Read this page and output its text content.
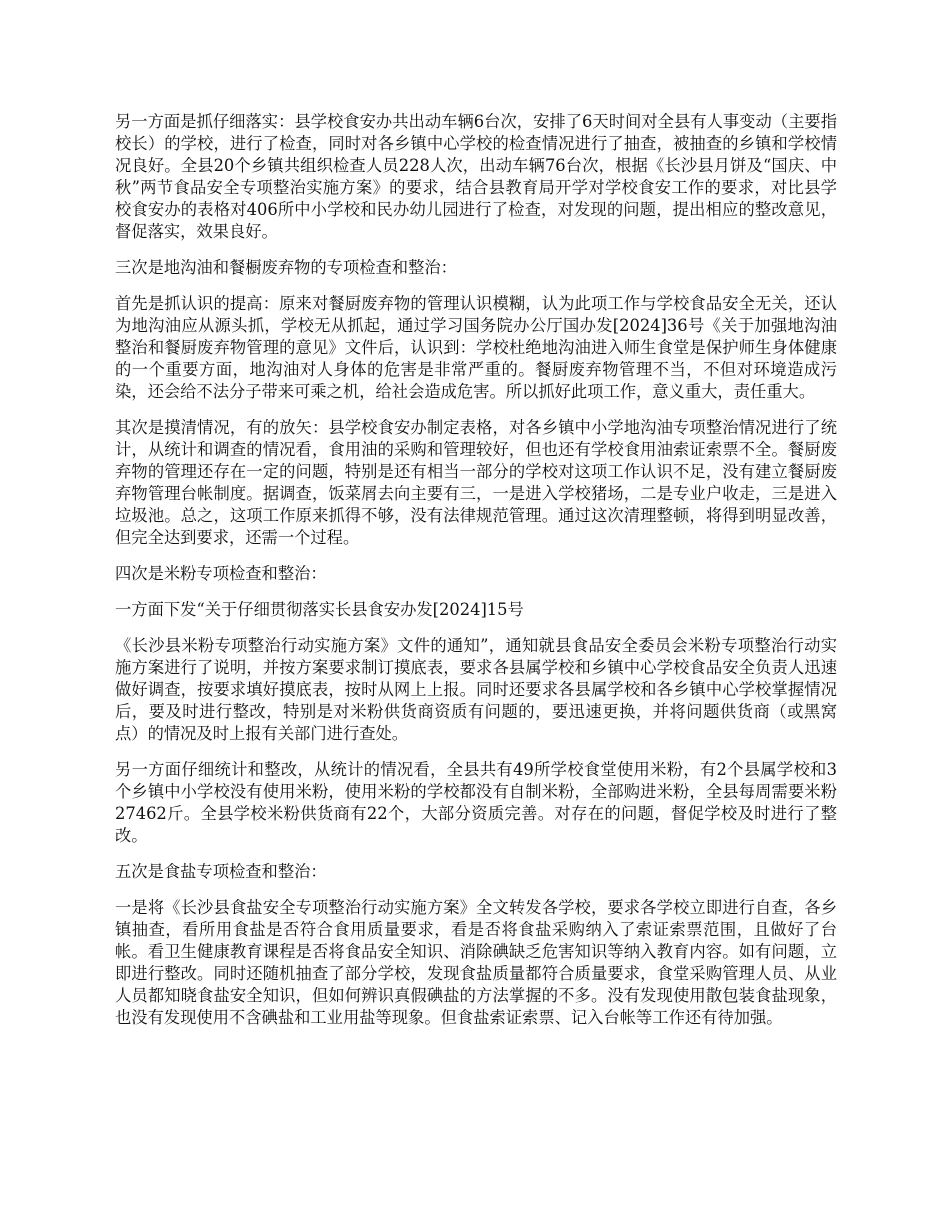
另一方面是抓仔细落实：县学校食安办共出动车辆6台次，安排了6天时间对全县有人事变动（主要指校长）的学校，进行了检查，同时对各乡镇中心学校的检查情况进行了抽查，被抽查的乡镇和学校情况良好。全县20个乡镇共组织检查人员228人次，出动车辆76台次，根据《长沙县月饼及“国庆、中秋”两节食品安全专项整治实施方案》的要求，结合县教育局开学对学校食安工作的要求，对比县学校食安办的表格对406所中小学校和民办幼儿园进行了检查，对发现的问题，提出相应的整改意见，督促落实，效果良好。

三次是地沟油和餐橱废弃物的专项检查和整治：

首先是抓认识的提高：原来对餐厨废弃物的管理认识模糊，认为此项工作与学校食品安全无关，还认为地沟油应从源头抓，学校无从抓起，通过学习国务院办公厅国办发[2024]36号《关于加强地沟油整治和餐厨废弃物管理的意见》文件后，认识到：学校杜绝地沟油进入师生食堂是保护师生身体健康的一个重要方面，地沟油对人身体的危害是非常严重的。餐厨废弃物管理不当，不但对环境造成污染，还会给不法分子带来可乘之机，给社会造成危害。所以抓好此项工作，意义重大，责任重大。

其次是摸清情况，有的放矢：县学校食安办制定表格，对各乡镇中小学地沟油专项整治情况进行了统计，从统计和调查的情况看，食用油的采购和管理较好，但也还有学校食用油索证索票不全。餐厨废弃物的管理还存在一定的问题，特别是还有相当一部分的学校对这项工作认识不足，没有建立餐厨废弃物管理台帐制度。据调查，饭菜屑去向主要有三，一是进入学校猪场，二是专业户收走，三是进入垃圾池。总之，这项工作原来抓得不够，没有法律规范管理。通过这次清理整顿，将得到明显改善，但完全达到要求，还需一个过程。

四次是米粉专项检查和整治：

一方面下发“关于仔细贯彻落实长县食安办发[2024]15号

《长沙县米粉专项整治行动实施方案》文件的通知”，通知就县食品安全委员会米粉专项整治行动实施方案进行了说明，并按方案要求制订摸底表，要求各县属学校和乡镇中心学校食品安全负责人迅速做好调查，按要求填好摸底表，按时从网上上报。同时还要求各县属学校和各乡镇中心学校掌握情况后，要及时进行整改，特别是对米粉供货商资质有问题的，要迅速更换，并将问题供货商（或黑窝点）的情况及时上报有关部门进行查处。

另一方面仔细统计和整改，从统计的情况看，全县共有49所学校食堂使用米粉，有2个县属学校和3个乡镇中小学校没有使用米粉，使用米粉的学校都没有自制米粉，全部购进米粉，全县每周需要米粉27462斤。全县学校米粉供货商有22个，大部分资质完善。对存在的问题，督促学校及时进行了整改。

五次是食盐专项检查和整治：

一是将《长沙县食盐安全专项整治行动实施方案》全文转发各学校，要求各学校立即进行自查，各乡镇抽查，看所用食盐是否符合食用质量要求，看是否将食盐采购纳入了索证索票范围，且做好了台帐。看卫生健康教育课程是否将食品安全知识、消除碘缺乏危害知识等纳入教育内容。如有问题，立即进行整改。同时还随机抽查了部分学校，发现食盐质量都符合质量要求，食堂采购管理人员、从业人员都知晓食盐安全知识，但如何辨识真假碘盐的方法掌握的不多。没有发现使用散包装食盐现象，也没有发现使用不含碘盐和工业用盐等现象。但食盐索证索票、记入台帐等工作还有待加强。
